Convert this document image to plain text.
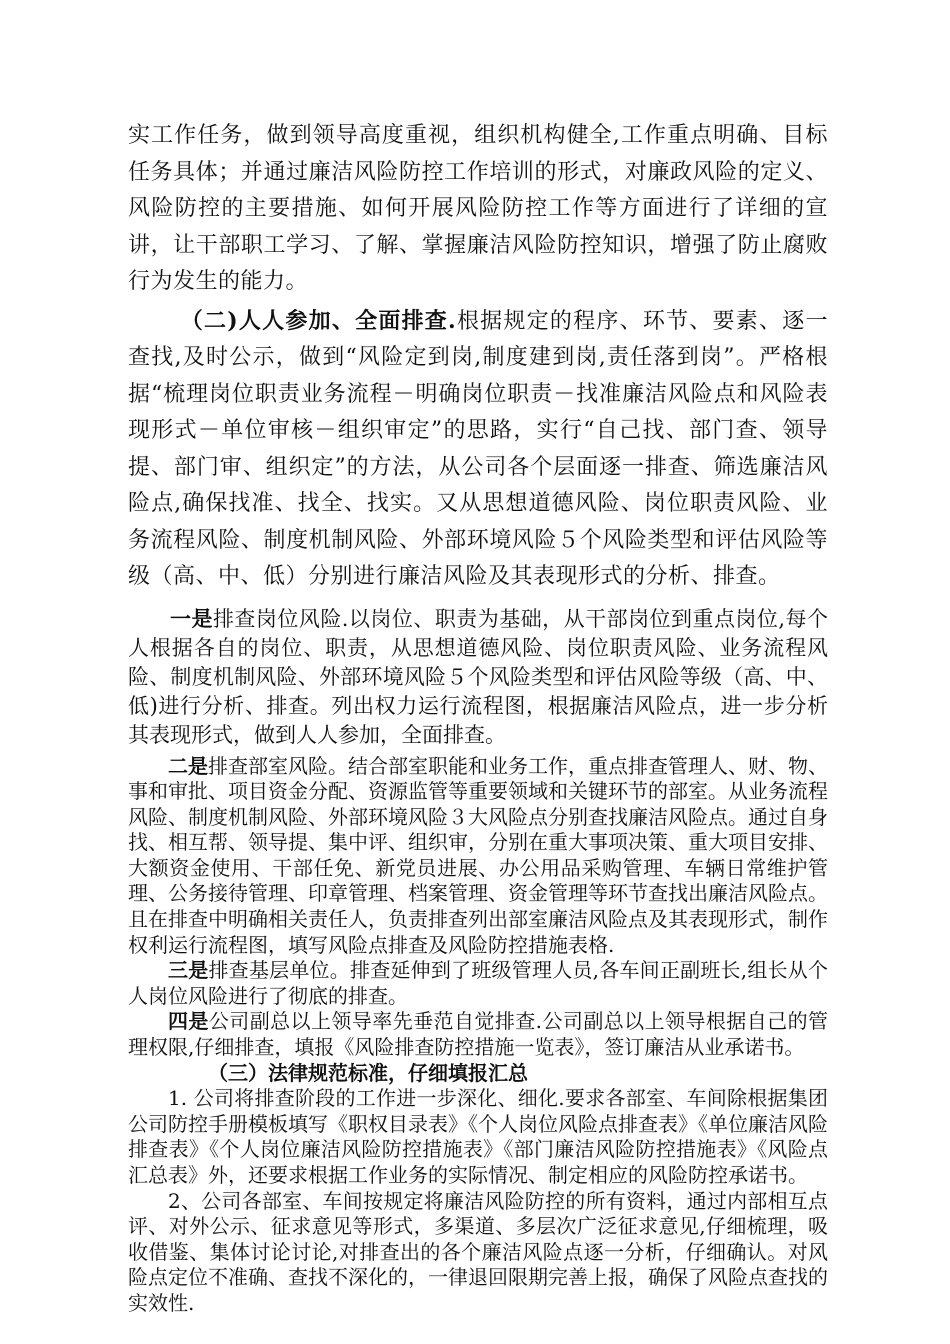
实工作任务，做到领导高度重视，组织机构健全,工作重点明确、目标任务具体；并通过廉洁风险防控工作培训的形式，对廉政风险的定义、风险防控的主要措施、如何开展风险防控工作等方面进行了详细的宣讲，让干部职工学习、了解、掌握廉洁风险防控知识，增强了防止腐败行为发生的能力。

（二)人人参加、全面排查.根据规定的程序、环节、要素、逐一查找,及时公示，做到“风险定到岗,制度建到岗,责任落到岗”。严格根据“梳理岗位职责业务流程－明确岗位职责－找准廉洁风险点和风险表现形式－单位审核－组织审定”的思路，实行“自己找、部门查、领导提、部门审、组织定”的方法，从公司各个层面逐一排查、筛选廉洁风险点,确保找准、找全、找实。又从思想道德风险、岗位职责风险、业务流程风险、制度机制风险、外部环境风险５个风险类型和评估风险等级（高、中、低）分别进行廉洁风险及其表现形式的分析、排查。

一是排查岗位风险.以岗位、职责为基础，从干部岗位到重点岗位,每个人根据各自的岗位、职责，从思想道德风险、岗位职责风险、业务流程风险、制度机制风险、外部环境风险５个风险类型和评估风险等级（高、中、低)进行分析、排查。列出权力运行流程图，根据廉洁风险点，进一步分析其表现形式，做到人人参加，全面排查。

二是排查部室风险。结合部室职能和业务工作，重点排查管理人、财、物、事和审批、项目资金分配、资源监管等重要领域和关键环节的部室。从业务流程风险、制度机制风险、外部环境风险３大风险点分别查找廉洁风险点。通过自身找、相互帮、领导提、集中评、组织审，分别在重大事项决策、重大项目安排、大额资金使用、干部任免、新党员进展、办公用品采购管理、车辆日常维护管理、公务接待管理、印章管理、档案管理、资金管理等环节查找出廉洁风险点。且在排查中明确相关责任人，负责排查列出部室廉洁风险点及其表现形式，制作权利运行流程图，填写风险点排查及风险防控措施表格.

三是排查基层单位。排查延伸到了班级管理人员,各车间正副班长,组长从个人岗位风险进行了彻底的排查。

四是公司副总以上领导率先垂范自觉排查.公司副总以上领导根据自己的管理权限,仔细排查，填报《风险排查防控措施一览表》，签订廉洁从业承诺书。

（三）法律规范标准，仔细填报汇总

1. 公司将排查阶段的工作进一步深化、细化.要求各部室、车间除根据集团公司防控手册模板填写《职权目录表》《个人岗位风险点排查表》《单位廉洁风险排查表》《个人岗位廉洁风险防控措施表》《部门廉洁风险防控措施表》《风险点汇总表》外，还要求根据工作业务的实际情况、制定相应的风险防控承诺书。

2、公司各部室、车间按规定将廉洁风险防控的所有资料，通过内部相互点评、对外公示、征求意见等形式，多渠道、多层次广泛征求意见,仔细梳理，吸收借鉴、集体讨论讨论,对排查出的各个廉洁风险点逐一分析，仔细确认。对风险点定位不准确、查找不深化的，一律退回限期完善上报，确保了风险点查找的实效性.
